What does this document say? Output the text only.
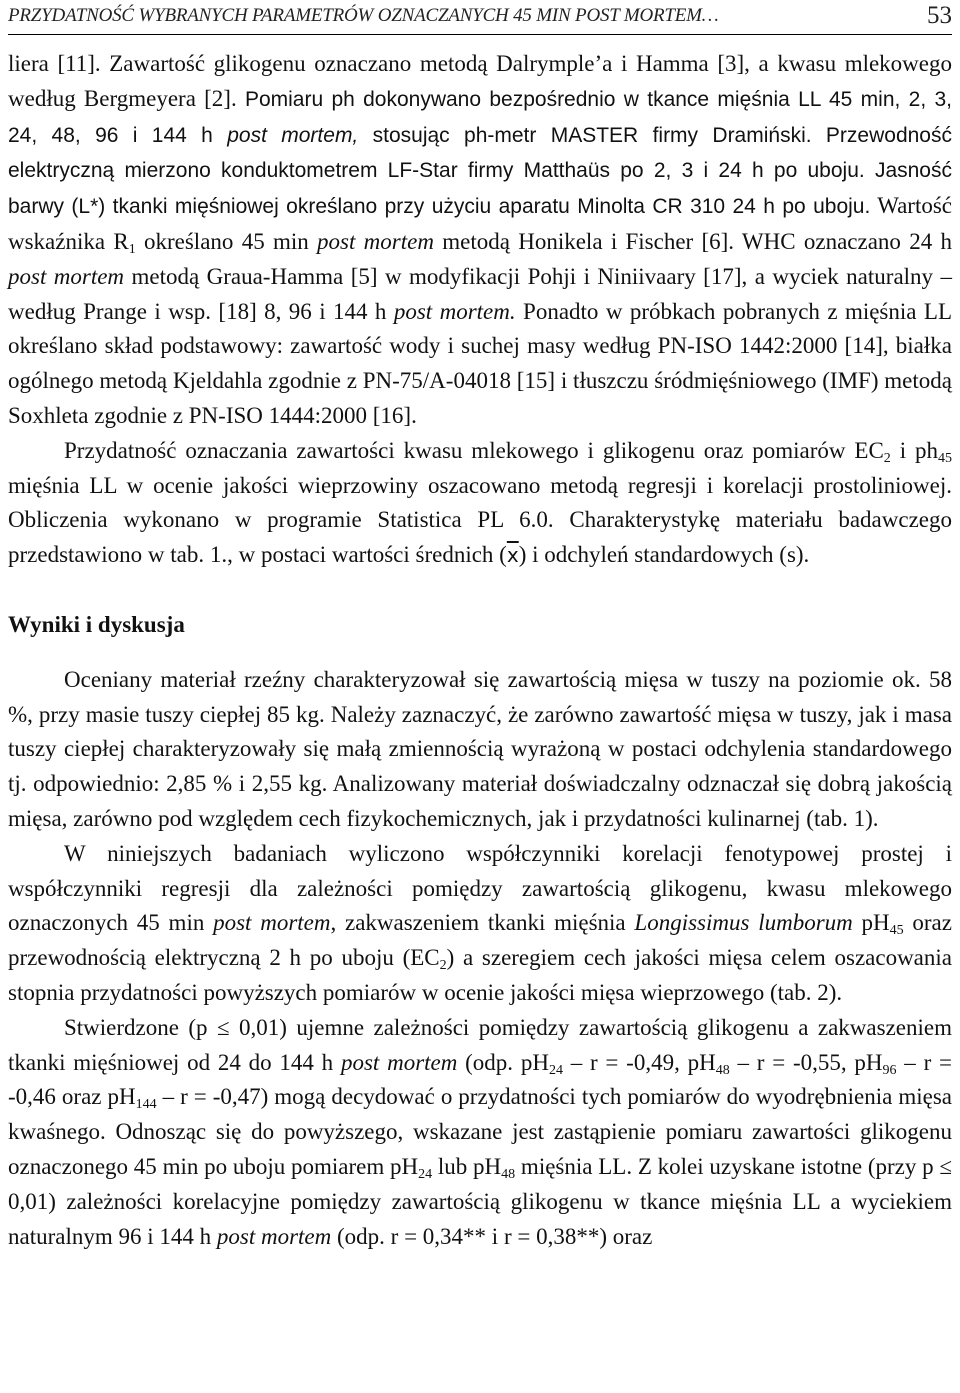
PRZYDATNOŚĆ WYBRANYCH PARAMETRÓW OZNACZANYCH 45 MIN POST MORTEM…	53

liera [11]. Zawartość glikogenu oznaczano metodą Dalrymple’a i Hamma [3], a kwasu mlekowego według Bergmeyera [2]. Pomiaru ph dokonywano bezpośrednio w tkance mięśnia LL 45 min, 2, 3, 24, 48, 96 i 144 h post mortem, stosując ph-metr MASTER firmy Dramiński. Przewodność elektryczną mierzono konduktometrem LF-Star firmy Matthaüs po 2, 3 i 24 h po uboju. Jasność barwy (L*) tkanki mięśniowej określano przy użyciu aparatu Minolta CR 310 24 h po uboju. Wartość wskaźnika $R_1$ określano 45 min post mortem metodą Honikela i Fischer [6]. WHC oznaczano 24 h post mortem metodą Graua-Hamma [5] w modyfikacji Pohji i Niniivaary [17], a wyciek naturalny – według Prange i wsp. [18] 8, 96 i 144 h post mortem. Ponadto w próbkach pobranych z mięśnia LL określano skład podstawowy: zawartość wody i suchej masy według PN-ISO 1442:2000 [14], białka ogólnego metodą Kjeldahla zgodnie z PN-75/A-04018 [15] i tłuszczu śródmięśniowego (IMF) metodą Soxhleta zgodnie z PN-ISO 1444:2000 [16].

Przydatność oznaczania zawartości kwasu mlekowego i glikogenu oraz pomiarów $EC_2$ i $ph_{45}$ mięśnia LL w ocenie jakości wieprzowiny oszacowano metodą regresji i korelacji prostoliniowej. Obliczenia wykonano w programie Statistica PL 6.0. Charakterystykę materiału badawczego przedstawiono w tab. 1., w postaci wartości średnich $(\overline{x})$ i odchyleń standardowych (s).

Wyniki i dyskusja

Oceniany materiał rzeźny charakteryzował się zawartością mięsa w tuszy na poziomie ok. 58 %, przy masie tuszy ciepłej 85 kg. Należy zaznaczyć, że zarówno zawartość mięsa w tuszy, jak i masa tuszy ciepłej charakteryzowały się małą zmiennością wyrażoną w postaci odchylenia standardowego tj. odpowiednio: 2,85 % i 2,55 kg. Analizowany materiał doświadczalny odznaczał się dobrą jakością mięsa, zarówno pod względem cech fizykochemicznych, jak i przydatności kulinarnej (tab. 1).

W niniejszych badaniach wyliczono współczynniki korelacji fenotypowej prostej i współczynniki regresji dla zależności pomiędzy zawartością glikogenu, kwasu mlekowego oznaczonych 45 min post mortem, zakwaszeniem tkanki mięśnia Longissimus lumborum $pH_{45}$ oraz przewodnością elektryczną 2 h po uboju $(EC_2)$ a szeregiem cech jakości mięsa celem oszacowania stopnia przydatności powyższych pomiarów w ocenie jakości mięsa wieprzowego (tab. 2).

Stwierdzone (p ≤ 0,01) ujemne zależności pomiędzy zawartością glikogenu a zakwaszeniem tkanki mięśniowej od 24 do 144 h post mortem (odp. $pH_{24} - r = -0,49$, $pH_{48} - r = -0,55$, $pH_{96} - r = -0,46$ oraz $pH_{144} - r = -0,47$) mogą decydować o przydatności tych pomiarów do wyodrębnienia mięsa kwaśnego. Odnosząc się do powyższego, wskazane jest zastąpienie pomiaru zawartości glikogenu oznaczonego 45 min po uboju pomiarem $pH_{24}$ lub $pH_{48}$ mięśnia LL. Z kolei uzyskane istotne (przy p ≤ 0,01) zależności korelacyjne pomiędzy zawartością glikogenu w tkance mięśnia LL a wyciekiem naturalnym 96 i 144 h post mortem (odp. r = 0,34** i r = 0,38**) oraz
